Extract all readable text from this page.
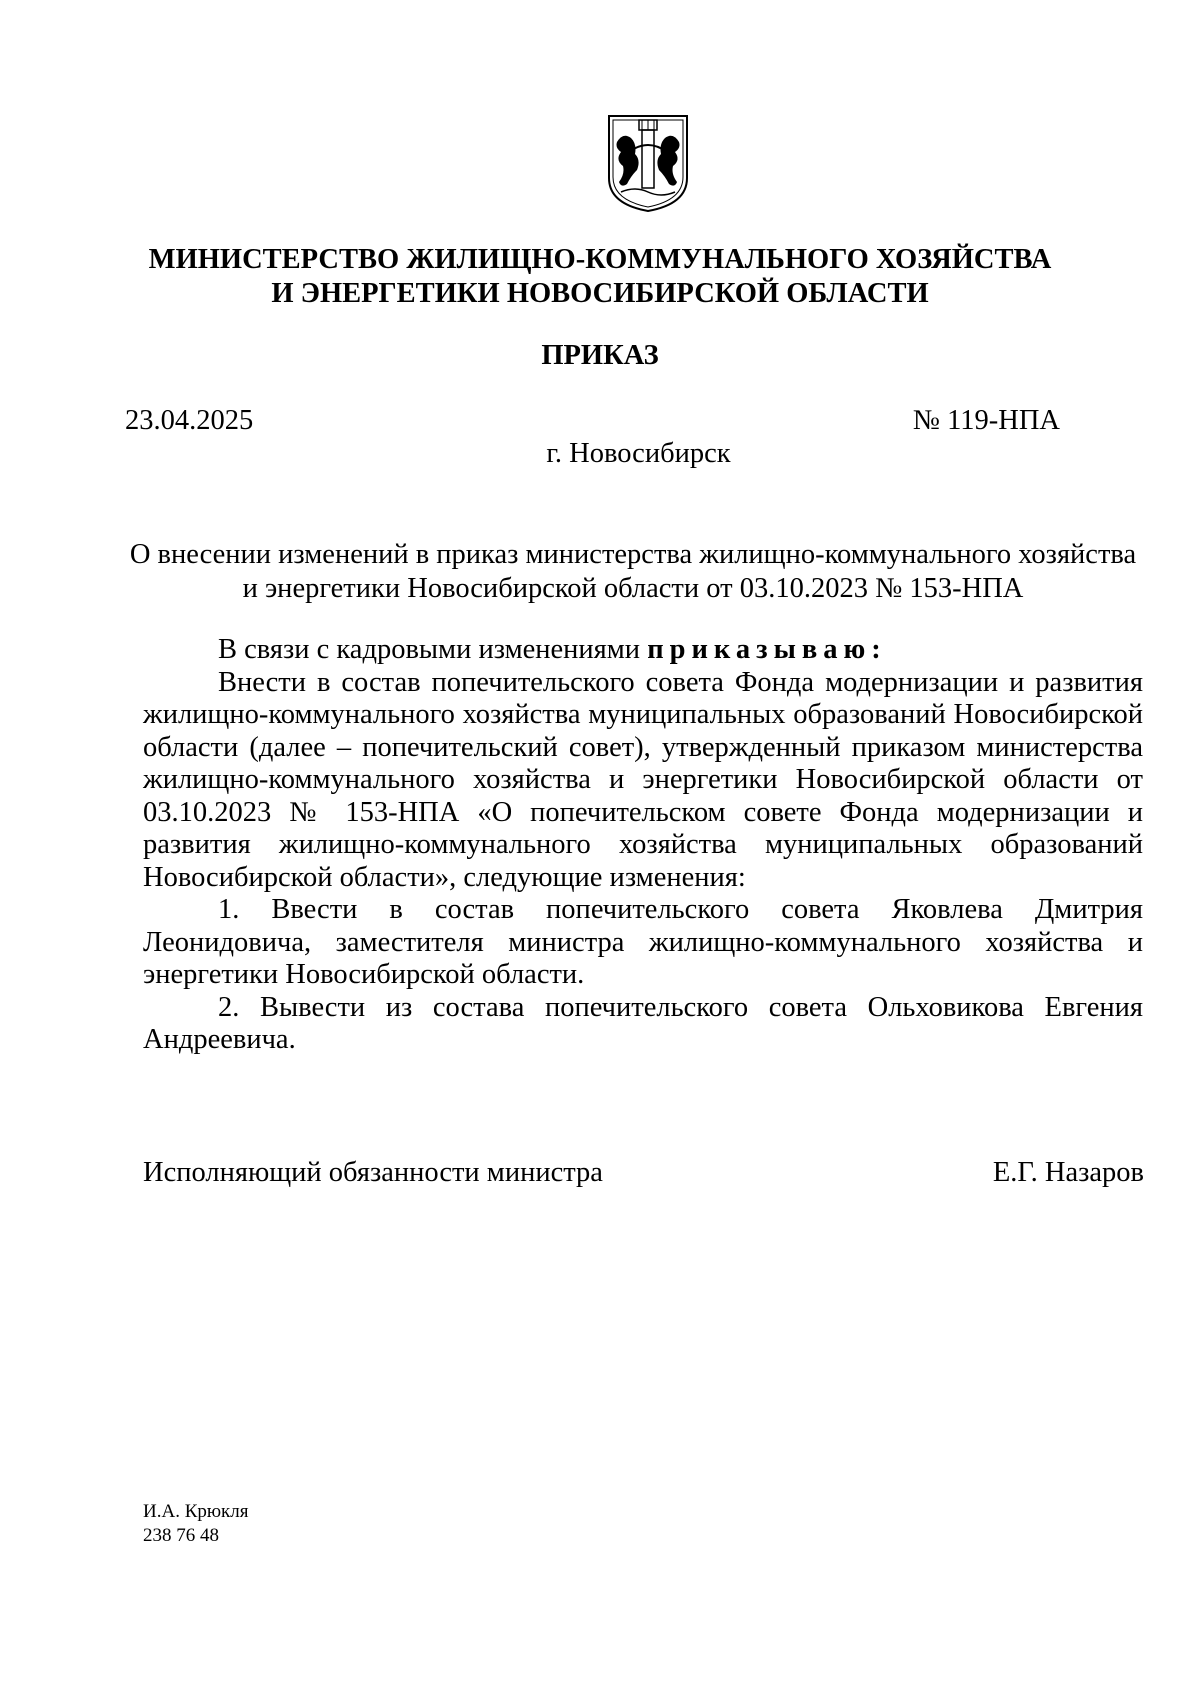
МИНИСТЕРСТВО ЖИЛИЩНО-КОММУНАЛЬНОГО ХОЗЯЙСТВА
И ЭНЕРГЕТИКИ НОВОСИБИРСКОЙ ОБЛАСТИ
ПРИКАЗ
23.04.2025	№ 119-НПА
г. Новосибирск
О внесении изменений в приказ министерства жилищно-коммунального хозяйства
и энергетики Новосибирской области от 03.10.2023 № 153-НПА

В связи с кадровыми изменениями приказываю:

Внести в состав попечительского совета Фонда модернизации и развития жилищно-коммунального хозяйства муниципальных образований Новосибирской области (далее – попечительский совет), утвержденный приказом министерства жилищно-коммунального хозяйства и энергетики Новосибирской области от 03.10.2023 № 153-НПА «О попечительском совете Фонда модернизации и развития жилищно-коммунального хозяйства муниципальных образований Новосибирской области», следующие изменения:

1. Ввести в состав попечительского совета Яковлева Дмитрия Леонидовича, заместителя министра жилищно-коммунального хозяйства и энергетики Новосибирской области.

2. Вывести из состава попечительского совета Ольховикова Евгения Андреевича.

Исполняющий обязанности министра	Е.Г. Назаров
И.А. Крюкля
238 76 48
